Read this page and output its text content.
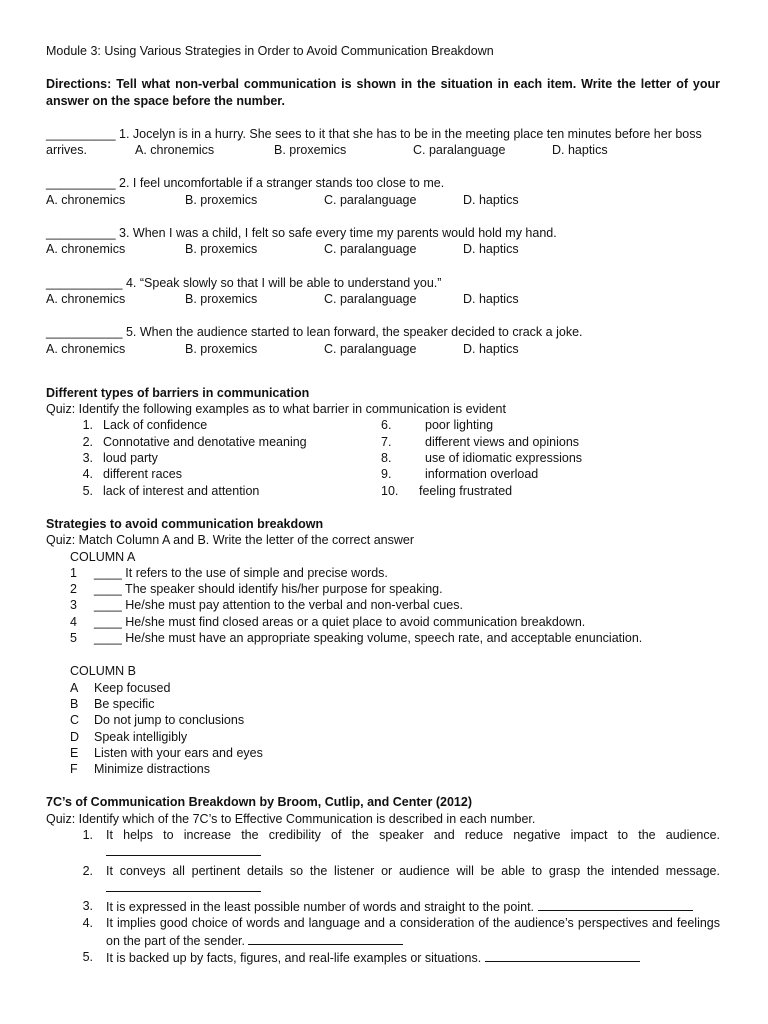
Module 3: Using Various Strategies in Order to Avoid Communication Breakdown
Directions: Tell what non-verbal communication is shown in the situation in each item. Write the letter of your answer on the space before the number.
__________ 1. Jocelyn is in a hurry. She sees to it that she has to be in the meeting place ten minutes before her boss
arrives.	A. chronemics	B. proxemics	C. paralanguage	D. haptics
__________ 2. I feel uncomfortable if a stranger stands too close to me.
A. chronemics	B. proxemics	C. paralanguage	D. haptics
__________ 3. When I was a child, I felt so safe every time my parents would hold my hand.
A. chronemics	B. proxemics	C. paralanguage	D. haptics
___________ 4. “Speak slowly so that I will be able to understand you.”
A. chronemics	B. proxemics	C. paralanguage	D. haptics
___________ 5. When the audience started to lean forward, the speaker decided to crack a joke.
A. chronemics	B. proxemics	C. paralanguage	D. haptics
Different types of barriers in communication
Quiz: Identify the following examples as to what barrier in communication is evident
1. Lack of confidence	6.	poor lighting
2. Connotative and denotative meaning	7.	different views and opinions
3. loud party	8.	use of idiomatic expressions
4. different races	9.	information overload
5. lack of interest and attention	10.	feeling frustrated
Strategies to avoid communication breakdown
Quiz: Match Column A and B. Write the letter of the correct answer
COLUMN A
1	____ It refers to the use of simple and precise words.
2	____ The speaker should identify his/her purpose for speaking.
3	____ He/she must pay attention to the verbal and non-verbal cues.
4	____ He/she must find closed areas or a quiet place to avoid communication breakdown.
5	____ He/she must have an appropriate speaking volume, speech rate, and acceptable enunciation.
COLUMN B
A	Keep focused
B	Be specific
C	Do not jump to conclusions
D	Speak intelligibly
E	Listen with your ears and eyes
F	Minimize distractions
7C’s of Communication Breakdown by Broom, Cutlip, and Center (2012)
Quiz: Identify which of the 7C’s to Effective Communication is described in each number.
1. It helps to increase the credibility of the speaker and reduce negative impact to the audience.
2. It conveys all pertinent details so the listener or audience will be able to grasp the intended message.
3.	It is expressed in the least possible number of words and straight to the point.
4.	It implies good choice of words and language and a consideration of the audience’s perspectives and feelings on the part of the sender.
5.	It is backed up by facts, figures, and real-life examples or situations.
